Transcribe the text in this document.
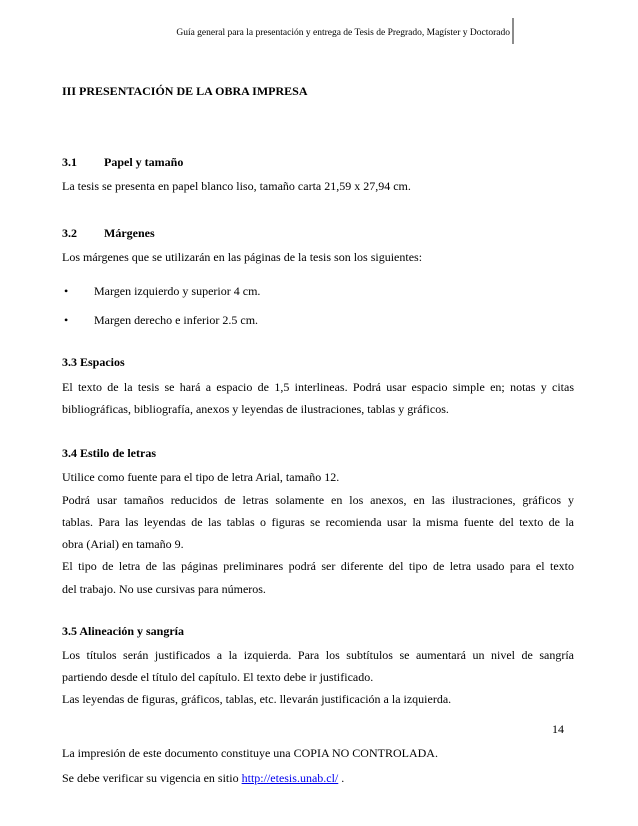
Guía general para la presentación y entrega de Tesis de Pregrado, Magíster y Doctorado
III PRESENTACIÓN DE LA OBRA IMPRESA
3.1 Papel y tamaño
La tesis se presenta en papel blanco liso, tamaño carta 21,59 x 27,94 cm.
3.2 Márgenes
Los márgenes que se utilizarán en las páginas de la tesis son los siguientes:
• Margen izquierdo y superior 4 cm.
• Margen derecho e inferior 2.5 cm.
3.3 Espacios
El texto de la tesis se hará a espacio de 1,5 interlineas. Podrá usar espacio simple en; notas y citas
bibliográficas, bibliografía, anexos y leyendas de ilustraciones, tablas y gráficos.
3.4 Estilo de letras
Utilice como fuente para el tipo de letra Arial, tamaño 12.
Podrá usar tamaños reducidos de letras solamente en los anexos, en las ilustraciones, gráficos y
tablas. Para las leyendas de las tablas o figuras se recomienda usar la misma fuente del texto de la
obra (Arial) en tamaño 9.
El tipo de letra de las páginas preliminares podrá ser diferente del tipo de letra usado para el texto
del trabajo. No use cursivas para números.
3.5 Alineación y sangría
Los títulos serán justificados a la izquierda. Para los subtítulos se aumentará un nivel de sangría
partiendo desde el título del capítulo. El texto debe ir justificado.
Las leyendas de figuras, gráficos, tablas, etc. llevarán justificación a la izquierda.
14
La impresión de este documento constituye una COPIA NO CONTROLADA.
Se debe verificar su vigencia en sitio http://etesis.unab.cl/ .
